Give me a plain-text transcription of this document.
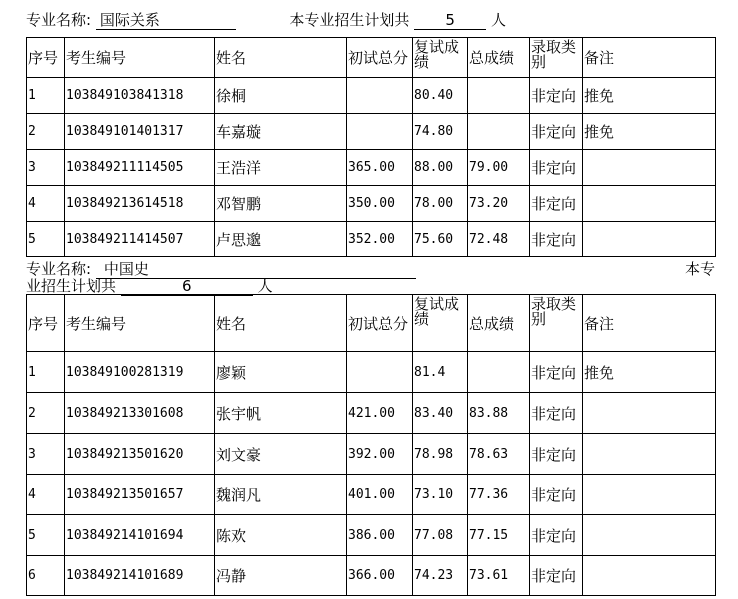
专业名称: 国际关系	本专业招生计划共 5 人
序号	考生编号	姓名	初试总分	复试成绩	总成绩	录取类别	备注
1	103849103841318	徐桐		80.40		非定向	推免
2	103849101401317	车嘉璇		74.80		非定向	推免
3	103849211114505	王浩洋	365.00	88.00	79.00	非定向	
4	103849213614518	邓智鹏	350.00	78.00	73.20	非定向	
5	103849211414507	卢思邈	352.00	75.60	72.48	非定向	
专业名称: 中国史	本专
业招生计划共	6	人
序号	考生编号	姓名	初试总分	复试成绩	总成绩	录取类别	备注
1	103849100281319	廖颖		81.4		非定向	推免
2	103849213301608	张宇帆	421.00	83.40	83.88	非定向	
3	103849213501620	刘文豪	392.00	78.98	78.63	非定向	
4	103849213501657	魏润凡	401.00	73.10	77.36	非定向	
5	103849214101694	陈欢	386.00	77.08	77.15	非定向	
6	103849214101689	冯静	366.00	74.23	73.61	非定向	
